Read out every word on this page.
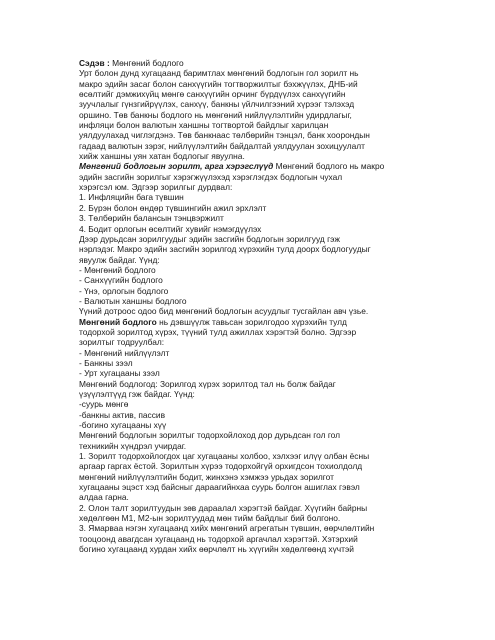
Сэдэв : Мөнгөний бодлого
Урт болон дунд хугацаанд баримтлах мөнгөний бодлогын гол зорилт нь
макро эдийн засаг болон санхүүгийн тогтворжилтыг бэхжүүлэх, ДНБ-ий
өсөлтийг дэмжихүйц мөнгө санхүүгийн орчинг бүрдүүлэх санхүүгийн
зуучлалыг гүнзгийрүүлэх, санхүү, банкны үйлчилгээний хүрээг тэлэхэд
оршино. Төв банкны бодлого нь мөнгөний нийлүүлэлтийн удирдлагыг,
инфляци болон валютын ханшны тогтвортой байдлыг харилцан
уялдуулахад чиглэгдэнэ. Төв банкнаас төлбөрийн тэнцэл, банк хоорондын
гадаад валютын зэрэг, нийлүүлэлтийн байдалтай уялдуулан зохицуулалт
хийж ханшны уян хатан бодлогыг явуулна.
Мөнгөний бодлогын зорилт, арга хэрэгслүүд Мөнгөний бодлого нь макро
эдийн засгийн зорилгыг хэрэгжүүлэхэд хэрэглэгдэх бодлогын чухал
хэрэгсэл юм. Эдгээр зорилгыг дурдвал:
1. Инфляцийн бага түвшин
2. Бүрэн болон өндөр түвшингийн ажил эрхлэлт
3. Төлбөрийн балансын тэнцвэржилт
4. Бодит орлогын өсөлтийг хувийг нэмэгдүүлэх
Дээр дурьдсан зорилгуудыг эдийн засгийн бодлогын зорилгууд гэж
нэрлэдэг. Макро эдийн засгийн зорилгод хүрэхийн тулд доорх бодлогуудыг
явуулж байдаг. Үүнд:
- Мөнгөний бодлого
- Санхүүгийн бодлого
- Үнэ, орлогын бодлого
- Валютын ханшны бодлого
Үүний дотроос одоо бид мөнгөний бодлогын асуудлыг тусгайлан авч үзье.
Мөнгөний бодлого нь дэвшүүлж тавьсан зорилгодоо хүрэхийн тулд
тодорхой зорилтод хүрэх, түүний тулд ажиллах хэрэгтэй болно. Эдгээр
зорилтыг тодруулбал:
- Мөнгөний нийлүүлэлт
- Банкны зээл
- Урт хугацааны зээл
Мөнгөний бодлогод: Зорилгод хүрэх зорилтод тал нь болж байдаг
үзүүлэлтүүд гэж байдаг. Үүнд:
-суурь мөнгө
-банкны актив, пассив
-богино хугацааны хүү
Мөнгөний бодлогын зорилтыг тодорхойлоход дор дурьдсан гол гол
техникийн хүндрэл учирдаг.
1. Зорилт тодорхойлогдох цаг хугацааны холбоо, хэлхээг илүү олбан ёсны
аргаар гаргах ёстой. Зорилтын хүрээ тодорхойгүй орхигдсон тохиолдолд
мөнгөний нийлүүлэлтийн бодит, жинхэнэ хэмжээ урьдах зорилгот
хугацааны эцэст хэд байсныг дараагийнхаа суурь болгон ашиглах гэвэл
алдаа гарна.
2. Олон талт зорилтуудын зөв дараалал хэрэгтэй байдаг. Хүүгийн байрны
хөдөлгөөн М1, М2-ын зорилтуудад мөн тийм байдлыг бий болгоно.
3. Ямарваа нэгэн хугацаанд хийх мөнгөний агрегатын түвшин, өөрчлөлтийн
тооцоонд авагдсан хугацаанд нь тодорхой аргачлал хэрэгтэй. Хэтэрхий
богино хугацаанд хурдан хийх өөрчлөлт нь хүүгийн хөдөлгөөнд хүчтэй
